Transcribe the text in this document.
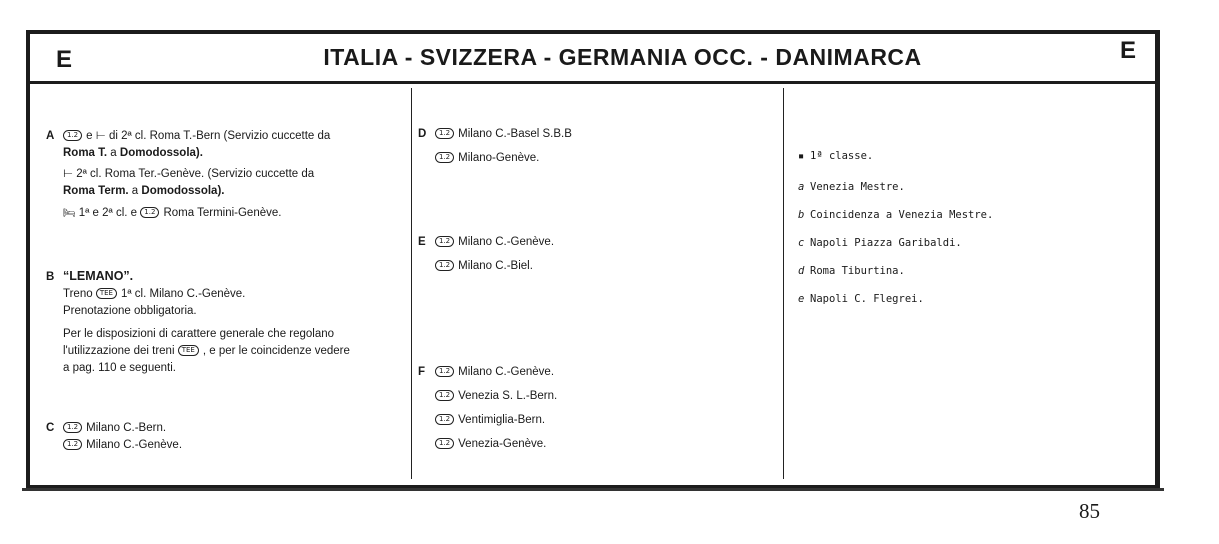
E	ITALIA - SVIZZERA - GERMANIA OCC. - DANIMARCA	E
A 1.2 e ⊢ di 2ª cl. Roma T.-Bern (Servizio cuccette da
Roma T. a Domodossola).
⊢ 2ª cl. Roma Ter.-Genève. (Servizio cuccette da
Roma Term. a Domodossola).
🛏 1ª e 2ª cl. e 1.2 Roma Termini-Genève.
B “LEMANO”.
Treno TEE 1ª cl. Milano C.-Genève.
Prenotazione obbligatoria.
Per le disposizioni di carattere generale che regolano
l'utilizzazione dei treni TEE , e per le coincidenze vedere
a pag. 110 e seguenti.
C 1.2 Milano C.-Bern.
1.2 Milano C.-Genève.
D 1.2 Milano C.-Basel S.B.B
1.2 Milano-Genève.
E 1.2 Milano C.-Genève.
1.2 Milano C.-Biel.
F 1.2 Milano C.-Genève.
1.2 Venezia S. L.-Bern.
1.2 Ventimiglia-Bern.
1.2 Venezia-Genève.
▪ 1ª classe.
a Venezia Mestre.
b Coincidenza a Venezia Mestre.
c Napoli Piazza Garibaldi.
d Roma Tiburtina.
e Napoli C. Flegrei.
85
